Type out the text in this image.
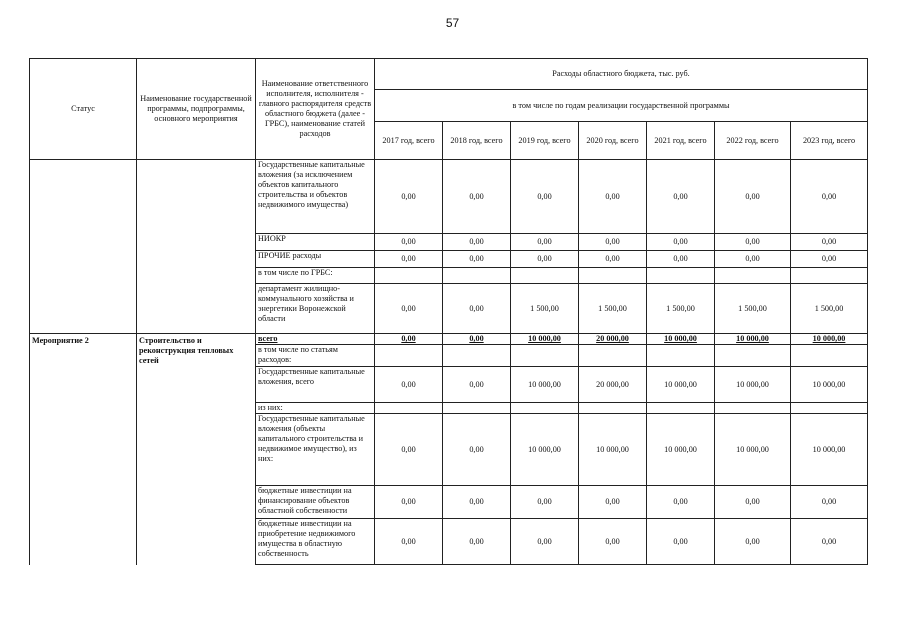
57
Статус	Наименование государственной программы, подпрограммы, основного мероприятия	Наименование ответственного исполнителя, исполнителя - главного распорядителя средств областного бюджета (далее - ГРБС), наименование статей расходов	Расходы областного бюджета, тыс. руб.						
			в том числе по годам реализации государственной программы						
			2017 год, всего	2018 год, всего	2019 год, всего	2020 год, всего	2021 год, всего	2022 год, всего	2023 год, всего
		Государственные капитальные вложения (за исключением объектов капитального строительства и объектов недвижимого имущества)	0,00	0,00	0,00	0,00	0,00	0,00	0,00
		НИОКР	0,00	0,00	0,00	0,00	0,00	0,00	0,00
		ПРОЧИЕ расходы	0,00	0,00	0,00	0,00	0,00	0,00	0,00
		в том числе по ГРБС:							
		департамент жилищно-коммунального хозяйства и энергетики Воронежской области	0,00	0,00	1 500,00	1 500,00	1 500,00	1 500,00	1 500,00
Мероприятие 2	Строительство и реконструкция тепловых сетей	всего	0,00	0,00	10 000,00	20 000,00	10 000,00	10 000,00	10 000,00
		в том числе по статьям расходов:							
		Государственные капитальные вложения, всего	0,00	0,00	10 000,00	20 000,00	10 000,00	10 000,00	10 000,00
		из них:							
		Государственные капитальные вложения (объекты капитального строительства и недвижимое имущество), из них:	0,00	0,00	10 000,00	10 000,00	10 000,00	10 000,00	10 000,00
		бюджетные инвестиции на финансирование объектов областной собственности	0,00	0,00	0,00	0,00	0,00	0,00	0,00
		бюджетные инвестиции на приобретение недвижимого имущества в областную собственность	0,00	0,00	0,00	0,00	0,00	0,00	0,00
